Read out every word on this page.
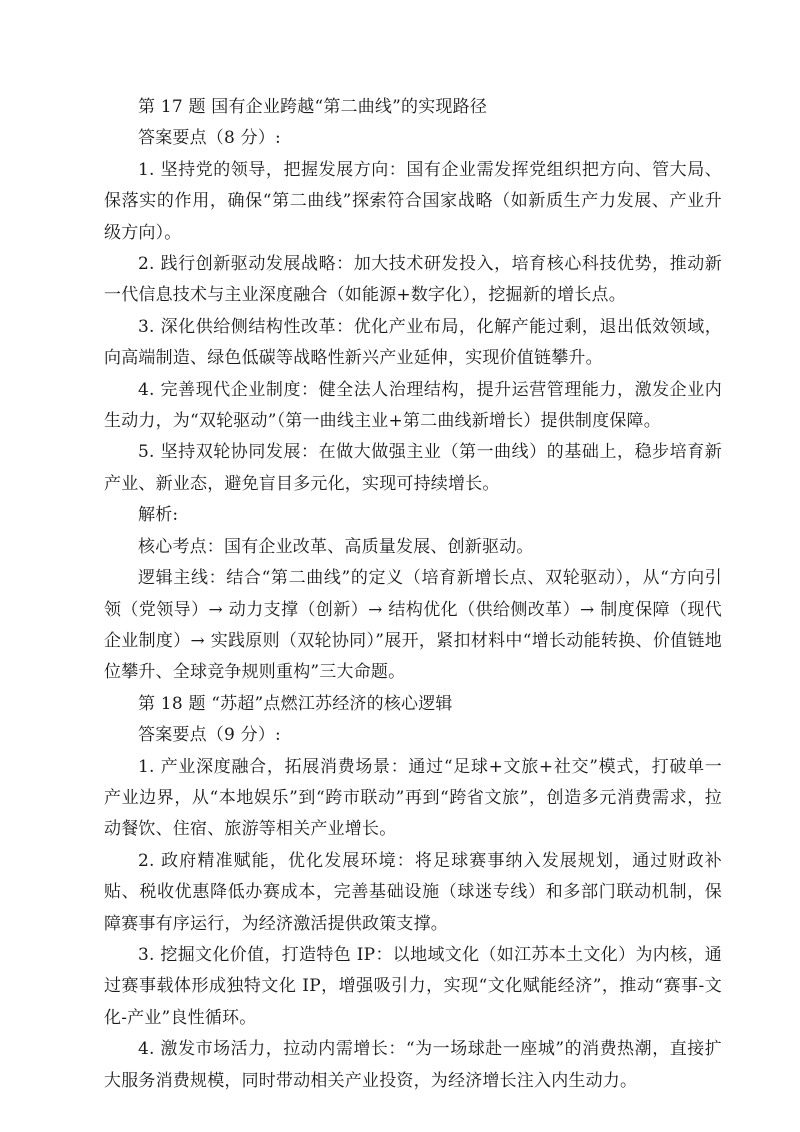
第 17 题 国有企业跨越“第二曲线”的实现路径

答案要点（8 分）:

1. 坚持党的领导，把握发展方向：国有企业需发挥党组织把方向、管大局、保落实的作用，确保“第二曲线”探索符合国家战略（如新质生产力发展、产业升级方向）。

2. 践行创新驱动发展战略：加大技术研发投入，培育核心科技优势，推动新一代信息技术与主业深度融合（如能源+数字化），挖掘新的增长点。

3. 深化供给侧结构性改革：优化产业布局，化解产能过剩，退出低效领域，向高端制造、绿色低碳等战略性新兴产业延伸，实现价值链攀升。

4. 完善现代企业制度：健全法人治理结构，提升运营管理能力，激发企业内生动力，为“双轮驱动”（第一曲线主业+第二曲线新增长）提供制度保障。

5. 坚持双轮协同发展：在做大做强主业（第一曲线）的基础上，稳步培育新产业、新业态，避免盲目多元化，实现可持续增长。

解析:

核心考点：国有企业改革、高质量发展、创新驱动。

逻辑主线：结合“第二曲线”的定义（培育新增长点、双轮驱动），从“方向引领（党领导）→ 动力支撑（创新）→ 结构优化（供给侧改革）→ 制度保障（现代企业制度）→ 实践原则（双轮协同）”展开，紧扣材料中“增长动能转换、价值链地位攀升、全球竞争规则重构”三大命题。

第 18 题 “苏超”点燃江苏经济的核心逻辑

答案要点（9 分）:

1. 产业深度融合，拓展消费场景：通过“足球+文旅+社交”模式，打破单一产业边界，从“本地娱乐”到“跨市联动”再到“跨省文旅”，创造多元消费需求，拉动餐饮、住宿、旅游等相关产业增长。

2. 政府精准赋能，优化发展环境：将足球赛事纳入发展规划，通过财政补贴、税收优惠降低办赛成本，完善基础设施（球迷专线）和多部门联动机制，保障赛事有序运行，为经济激活提供政策支撑。

3. 挖掘文化价值，打造特色 IP：以地域文化（如江苏本土文化）为内核，通过赛事载体形成独特文化 IP，增强吸引力，实现“文化赋能经济”，推动“赛事-文化-产业”良性循环。

4. 激发市场活力，拉动内需增长：“为一场球赴一座城”的消费热潮，直接扩大服务消费规模，同时带动相关产业投资，为经济增长注入内生动力。
